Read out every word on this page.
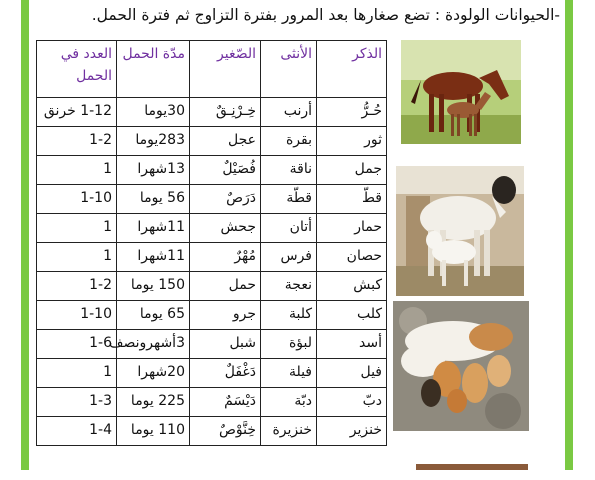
-الحيوانات الولودة : تضع صغارها بعد المرور بفترة التزاوج ثم فترة الحمل.
الذكر	الأنثى	الصّغير	مدّة الحمل	العدد في الحمل
حُـرُّ	أرنب	خِـرْنِـقٌ	30يوما	1-12 خرنق
ثور	بقرة	عجل	283يوما	1-2
جمل	ناقة	فُصَيْلٌ	13شهرا	1
قطّ	قطّة	دَرَصٌ	56 يوما	1-10
حمار	أتان	جحش	11شهرا	1
حصان	فرس	مُهْرٌ	11شهرا	1
كبش	نعجة	حمل	150 يوما	1-2
كلب	كلبة	جرو	65 يوما	1-10
أسد	لبؤة	شبل	3أشهرونصف	1-6
فيل	فيلة	دَغْفَلٌ	20شهرا	1
دبّ	دبّة	دَيْسَمٌ	225 يوما	1-3
خنزير	خنزيرة	خِنَّوْصٌ	110 يوما	1-4
